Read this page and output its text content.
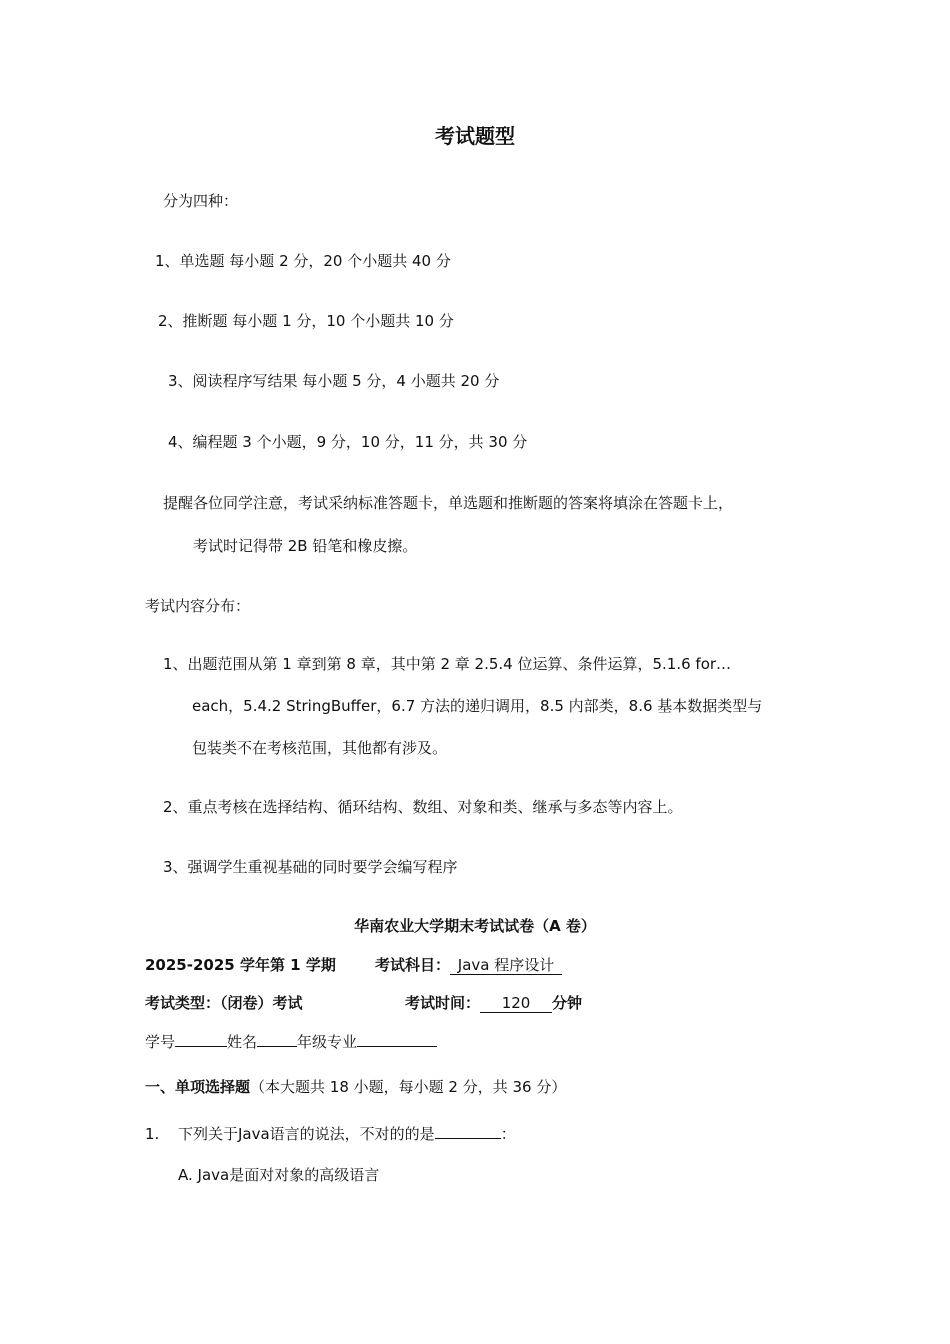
考试题型
分为四种：
1、单选题 每小题 2 分，20 个小题共 40 分
2、推断题 每小题 1 分，10 个小题共 10 分
3、阅读程序写结果 每小题 5 分，4 小题共 20 分
4、编程题 3 个小题，9 分，10 分，11 分，共 30 分
提醒各位同学注意，考试采纳标准答题卡，单选题和推断题的答案将填涂在答题卡上，
考试时记得带 2B 铅笔和橡皮擦。
考试内容分布：
1、出题范围从第 1 章到第 8 章，其中第 2 章 2.5.4 位运算、条件运算，5.1.6 for…
each，5.4.2 StringBuffer，6.7 方法的递归调用，8.5 内部类，8.6 基本数据类型与
包装类不在考核范围，其他都有涉及。
2、重点考核在选择结构、循环结构、数组、对象和类、继承与多态等内容上。
3、强调学生重视基础的同时要学会编写程序
华南农业大学期末考试试卷（A 卷）
2025-2025 学年第 1 学期	考试科目： Java 程序设计
考试类型：（闭卷）考试	考试时间： 120 分钟
学号	姓名	年级专业
一、单项选择题（本大题共 18 小题，每小题 2 分，共 36 分）
1. 下列关于Java语言的说法，不对的的是	：
A. Java是面对对象的高级语言
